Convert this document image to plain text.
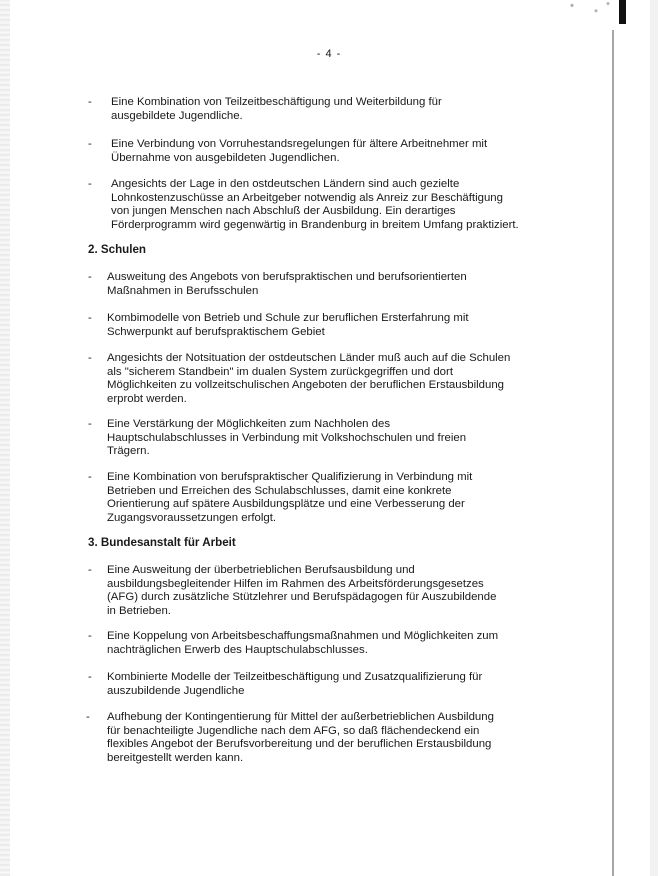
- 4 -
- Eine Kombination von Teilzeitbeschäftigung und Weiterbildung für
ausgebildete Jugendliche.
- Eine Verbindung von Vorruhestandsregelungen für ältere Arbeitnehmer mit
Übernahme von ausgebildeten Jugendlichen.
- Angesichts der Lage in den ostdeutschen Ländern sind auch gezielte
Lohnkostenzuschüsse an Arbeitgeber notwendig als Anreiz zur Beschäftigung
von jungen Menschen nach Abschluß der Ausbildung. Ein derartiges
Förderprogramm wird gegenwärtig in Brandenburg in breitem Umfang praktiziert.
2. Schulen
- Ausweitung des Angebots von berufspraktischen und berufsorientierten
Maßnahmen in Berufsschulen
- Kombimodelle von Betrieb und Schule zur beruflichen Ersterfahrung mit
Schwerpunkt auf berufspraktischem Gebiet
- Angesichts der Notsituation der ostdeutschen Länder muß auch auf die Schulen
als "sicherem Standbein" im dualen System zurückgegriffen und dort
Möglichkeiten zu vollzeitschulischen Angeboten der beruflichen Erstausbildung
erprobt werden.
- Eine Verstärkung der Möglichkeiten zum Nachholen des
Hauptschulabschlusses in Verbindung mit Volkshochschulen und freien
Trägern.
- Eine Kombination von berufspraktischer Qualifizierung in Verbindung mit
Betrieben und Erreichen des Schulabschlusses, damit eine konkrete
Orientierung auf spätere Ausbildungsplätze und eine Verbesserung der
Zugangsvoraussetzungen erfolgt.
3. Bundesanstalt für Arbeit
- Eine Ausweitung der überbetrieblichen Berufsausbildung und
ausbildungsbegleitender Hilfen im Rahmen des Arbeitsförderungsgesetzes
(AFG) durch zusätzliche Stützlehrer und Berufspädagogen für Auszubildende
in Betrieben.
- Eine Koppelung von Arbeitsbeschaffungsmaßnahmen und Möglichkeiten zum
nachträglichen Erwerb des Hauptschulabschlusses.
- Kombinierte Modelle der Teilzeitbeschäftigung und Zusatzqualifizierung für
auszubildende Jugendliche
- Aufhebung der Kontingentierung für Mittel der außerbetrieblichen Ausbildung
für benachteiligte Jugendliche nach dem AFG, so daß flächendeckend ein
flexibles Angebot der Berufsvorbereitung und der beruflichen Erstausbildung
bereitgestellt werden kann.
